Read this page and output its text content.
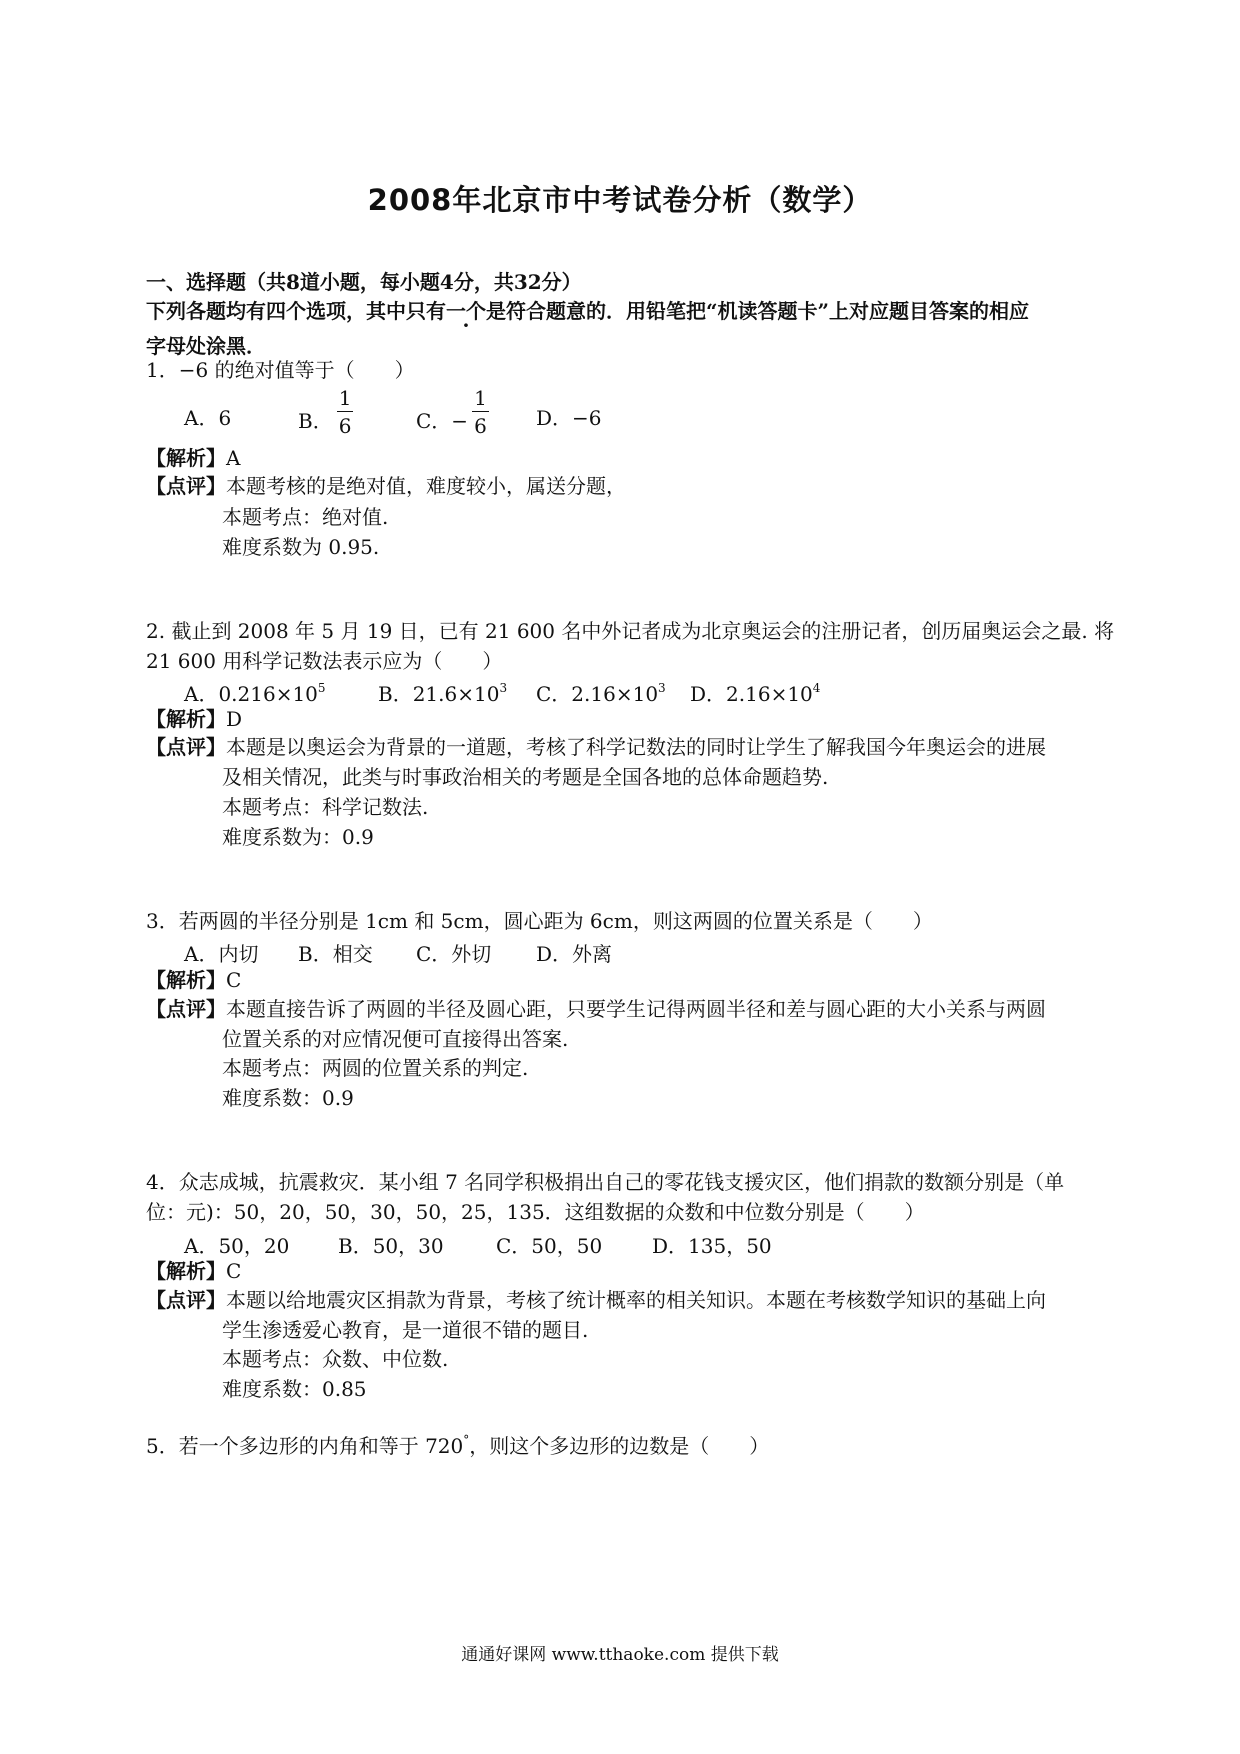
2008年北京市中考试卷分析（数学）
一、选择题（共8道小题，每小题4分，共32分）
下列各题均有四个选项，其中只有一个是符合题意的．用铅笔把“机读答题卡”上对应题目答案的相应
字母处涂黑．
1．−6 的绝对值等于（　　）
A．6	B． $\frac{1}{6}$	C．− $\frac{1}{6}$ D．−6
【解析】A
【点评】本题考核的是绝对值，难度较小，属送分题，
本题考点：绝对值.
难度系数为 0.95.
2. 截止到 2008 年 5 月 19 日，已有 21 600 名中外记者成为北京奥运会的注册记者，创历届奥运会之最. 将
21 600 用科学记数法表示应为（　　）
A．$0.216\times 10^5$	B．$21.6\times 10^3$ C．$2.16\times 10^3$ D．$2.16\times 10^4$
【解析】D
【点评】本题是以奥运会为背景的一道题，考核了科学记数法的同时让学生了解我国今年奥运会的进展
及相关情况，此类与时事政治相关的考题是全国各地的总体命题趋势.
本题考点：科学记数法.
难度系数为：0.9
3．若两圆的半径分别是 1cm 和 5cm，圆心距为 6cm，则这两圆的位置关系是（　　）
A．内切 B．相交 C．外切 D．外离
【解析】C
【点评】本题直接告诉了两圆的半径及圆心距，只要学生记得两圆半径和差与圆心距的大小关系与两圆
位置关系的对应情况便可直接得出答案.
本题考点：两圆的位置关系的判定.
难度系数：0.9
4．众志成城，抗震救灾．某小组 7 名同学积极捐出自己的零花钱支援灾区，他们捐款的数额分别是（单
位：元)：50，20，50，30，50，25，135．这组数据的众数和中位数分别是（　　）
A．50，20 B．50，30	C．50，50 D．135，50
【解析】C
【点评】本题以给地震灾区捐款为背景，考核了统计概率的相关知识。本题在考核数学知识的基础上向
学生渗透爱心教育，是一道很不错的题目.
本题考点：众数、中位数.
难度系数：0.85
5．若一个多边形的内角和等于 720°，则这个多边形的边数是（　　）
通通好课网 www.tthaoke.com 提供下载
